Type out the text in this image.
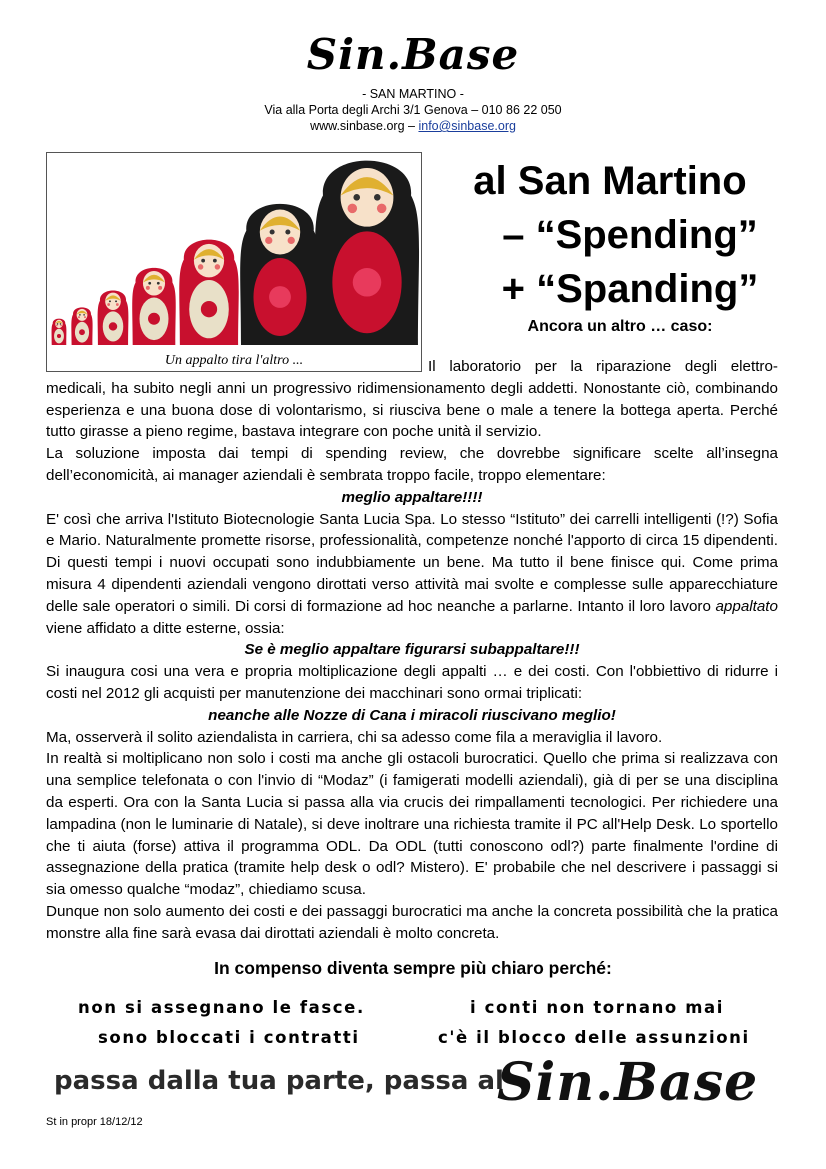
Sin.Base
- SAN MARTINO -
Via alla Porta degli Archi 3/1 Genova – 010 86 22 050
www.sinbase.org – info@sinbase.org
Un appalto tira l'altro ...
al San Martino
– “Spending”
+ “Spanding”
Ancora un altro … caso:

Il laboratorio per la riparazione degli elettro-medicali, ha subito negli anni un progressivo ridimensionamento degli addetti. Nonostante ciò, combinando esperienza e una buona dose di volontarismo, si riusciva bene o male a tenere la bottega aperta. Perché tutto girasse a pieno regime, bastava integrare con poche unità il servizio.

La soluzione imposta dai tempi di spending review, che dovrebbe significare scelte all’insegna dell’economicità, ai manager aziendali è sembrata troppo facile, troppo elementare:

meglio appaltare!!!!

E' così che arriva l'Istituto Biotecnologie Santa Lucia Spa. Lo stesso “Istituto” dei carrelli intelligenti (!?) Sofia e Mario. Naturalmente promette risorse, professionalità, competenze nonché l'apporto di circa 15 dipendenti. Di questi tempi i nuovi occupati sono indubbiamente un bene. Ma tutto il bene finisce qui. Come prima misura 4 dipendenti aziendali vengono dirottati verso attività mai svolte e complesse sulle apparecchiature delle sale operatori o simili. Di corsi di formazione ad hoc neanche a parlarne. Intanto il loro lavoro appaltato viene affidato a ditte esterne, ossia:

Se è meglio appaltare figurarsi subappaltare!!!

Si inaugura cosi una vera e propria moltiplicazione degli appalti … e dei costi. Con l'obbiettivo di ridurre i costi nel 2012 gli acquisti per manutenzione dei macchinari sono ormai triplicati:

neanche alle Nozze di Cana i miracoli riuscivano meglio!

Ma, osserverà il solito aziendalista in carriera, chi sa adesso come fila a meraviglia il lavoro.

In realtà si moltiplicano non solo i costi ma anche gli ostacoli burocratici. Quello che prima si realizzava con una semplice telefonata o con l'invio di “Modaz” (i famigerati modelli aziendali), già di per se una disciplina da esperti. Ora con la Santa Lucia si passa alla via crucis dei rimpallamenti tecnologici. Per richiedere una lampadina (non le luminarie di Natale), si deve inoltrare una richiesta tramite il PC all'Help Desk. Lo sportello che ti aiuta (forse) attiva il programma ODL. Da ODL (tutti conoscono odl?) parte finalmente l'ordine di assegnazione della pratica (tramite help desk o odl? Mistero). E' probabile che nel descrivere i passaggi si sia omesso qualche “modaz”, chiediamo scusa.

Dunque non solo aumento dei costi e dei passaggi burocratici ma anche la concreta possibilità che la pratica monstre alla fine sarà evasa dai dirottati aziendali è molto concreta.

In compenso diventa sempre più chiaro perché:
non si assegnano le fasce.	i conti non tornano mai
sono bloccati i contratti	c'è il blocco delle assunzioni
passa dalla tua parte, passa al
Sin.Base
St in propr 18/12/12
